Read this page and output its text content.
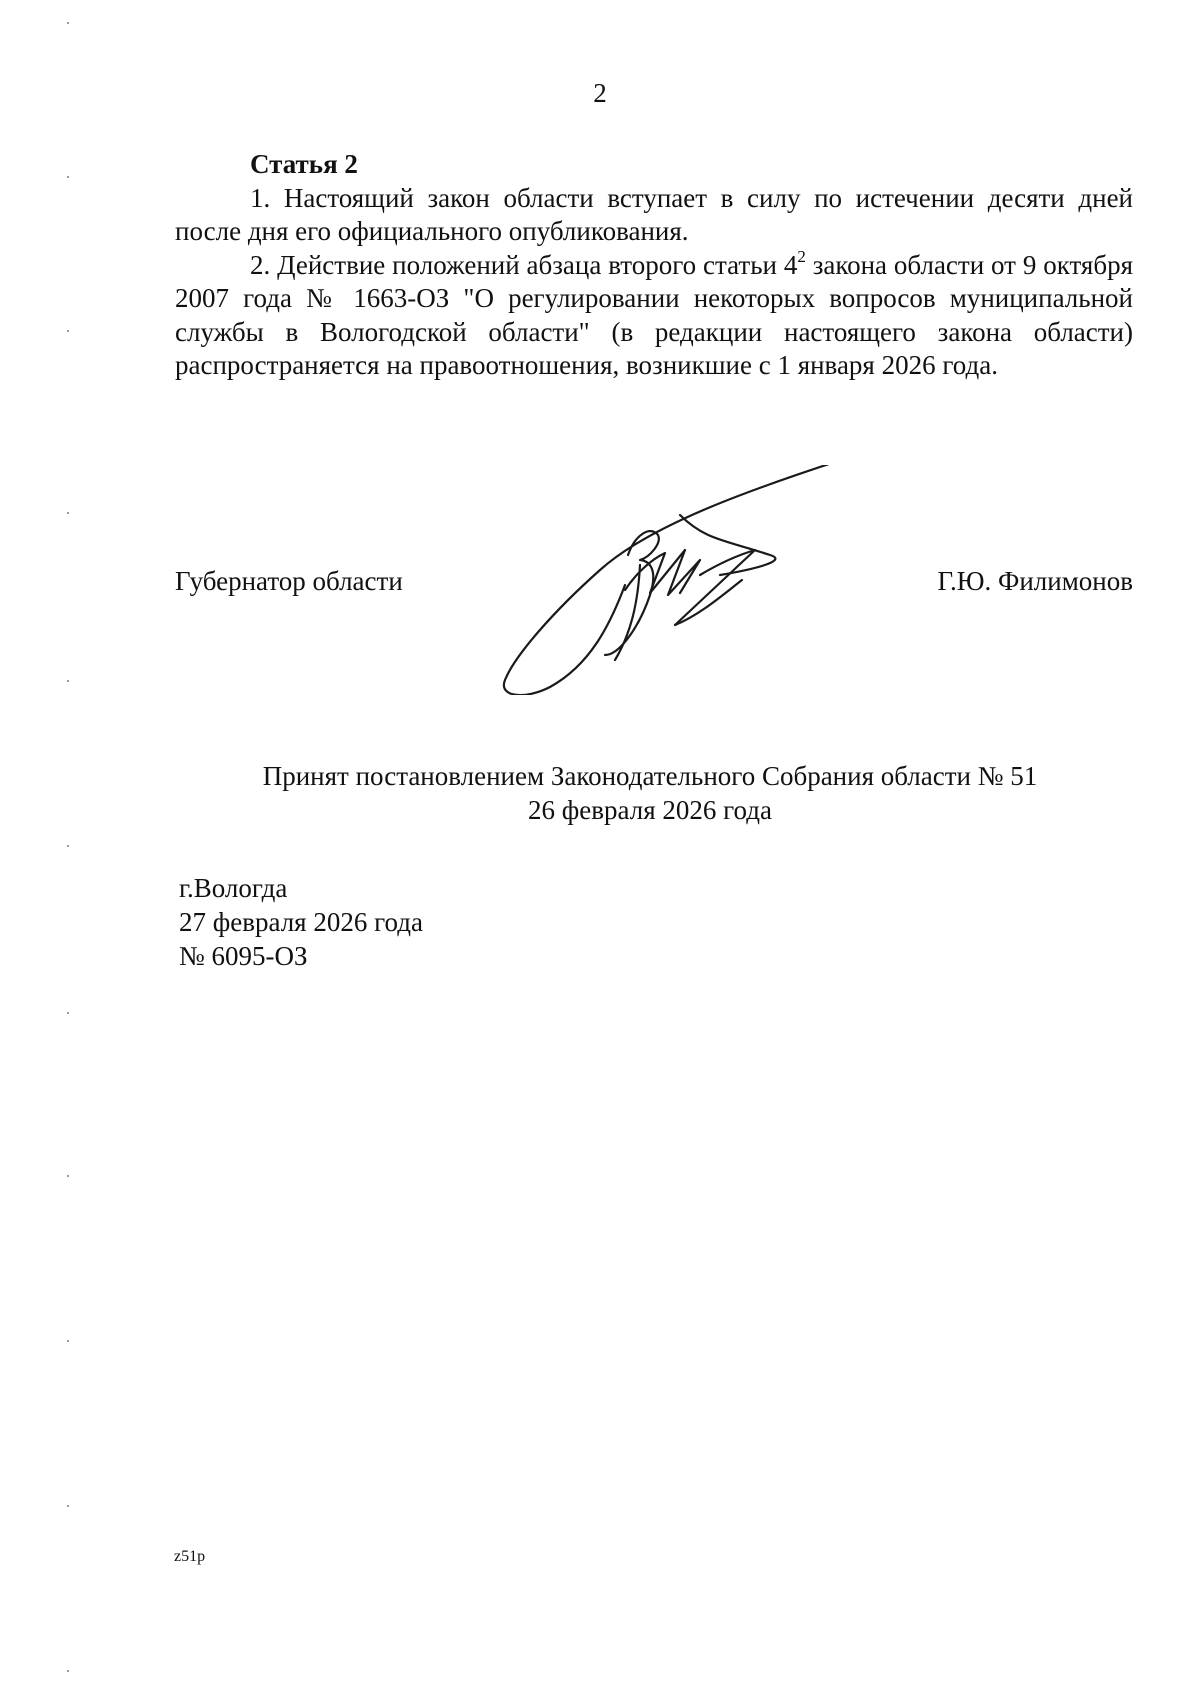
2

Статья 2

1. Настоящий закон области вступает в силу по истечении десяти дней после дня его официального опубликования.

2. Действие положений абзаца второго статьи $4^2$ закона области от 9 октября 2007 года № 1663-ОЗ "О регулировании некоторых вопросов муниципальной службы в Вологодской области" (в редакции настоящего закона области) распространяется на правоотношения, возникшие с 1 января 2026 года.

Губернатор области	Г.Ю. Филимонов
Принят постановлением Законодательного Собрания области № 51
26 февраля 2026 года
г.Вологда
27 февраля 2026 года
№ 6095-ОЗ
z51p
